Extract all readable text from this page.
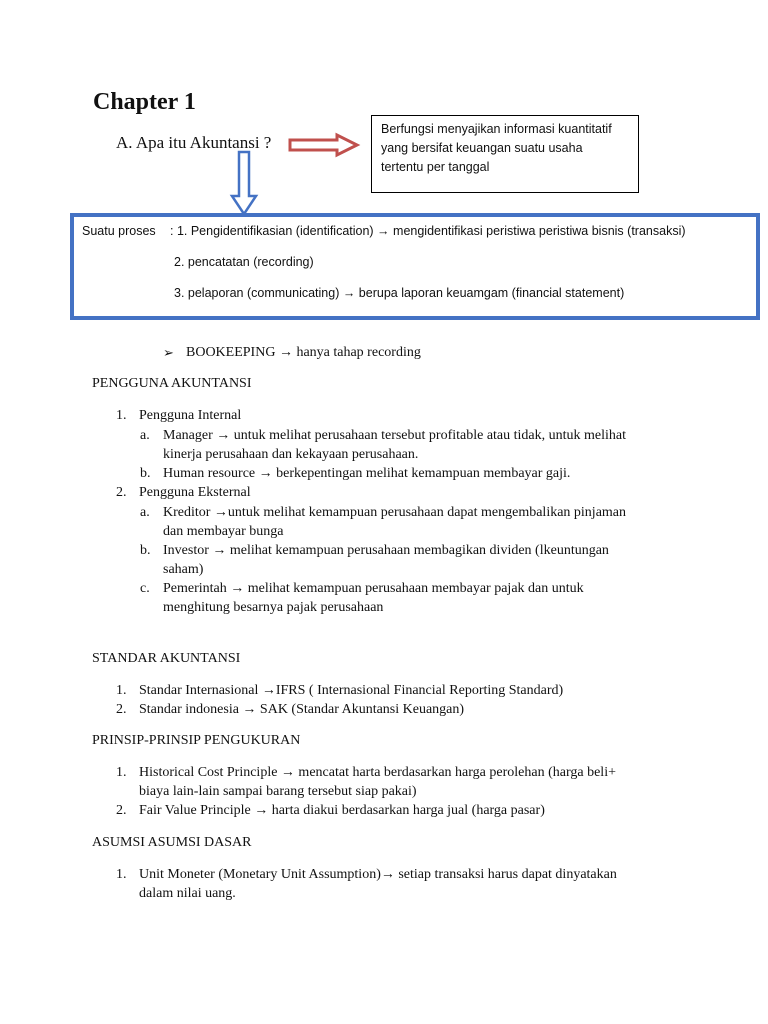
Chapter 1
A. Apa itu Akuntansi ?
Berfungsi menyajikan informasi kuantitatif
yang bersifat keuangan suatu usaha
tertentu per tanggal
Suatu proses : 1. Pengidentifikasian (identification) → mengidentifikasi peristiwa peristiwa bisnis (transaksi)
2. pencatatan (recording)
3. pelaporan (communicating) → berupa laporan keuamgam (financial statement)
➢ BOOKEEPING → hanya tahap recording
PENGGUNA AKUNTANSI
1. Pengguna Internal
a. Manager → untuk melihat perusahaan tersebut profitable atau tidak, untuk melihat
kinerja perusahaan dan kekayaan perusahaan.
b. Human resource → berkepentingan melihat kemampuan membayar gaji.
2. Pengguna Eksternal
a. Kreditor →untuk melihat kemampuan perusahaan dapat mengembalikan pinjaman
dan membayar bunga
b. Investor → melihat kemampuan perusahaan membagikan dividen (lkeuntungan
saham)
c. Pemerintah → melihat kemampuan perusahaan membayar pajak dan untuk
menghitung besarnya pajak perusahaan
STANDAR AKUNTANSI
1. Standar Internasional →IFRS ( Internasional Financial Reporting Standard)
2. Standar indonesia → SAK (Standar Akuntansi Keuangan)
PRINSIP-PRINSIP PENGUKURAN
1. Historical Cost Principle → mencatat harta berdasarkan harga perolehan (harga beli+
biaya lain-lain sampai barang tersebut siap pakai)
2. Fair Value Principle → harta diakui berdasarkan harga jual (harga pasar)
ASUMSI ASUMSI DASAR
1. Unit Moneter (Monetary Unit Assumption)→ setiap transaksi harus dapat dinyatakan
dalam nilai uang.
